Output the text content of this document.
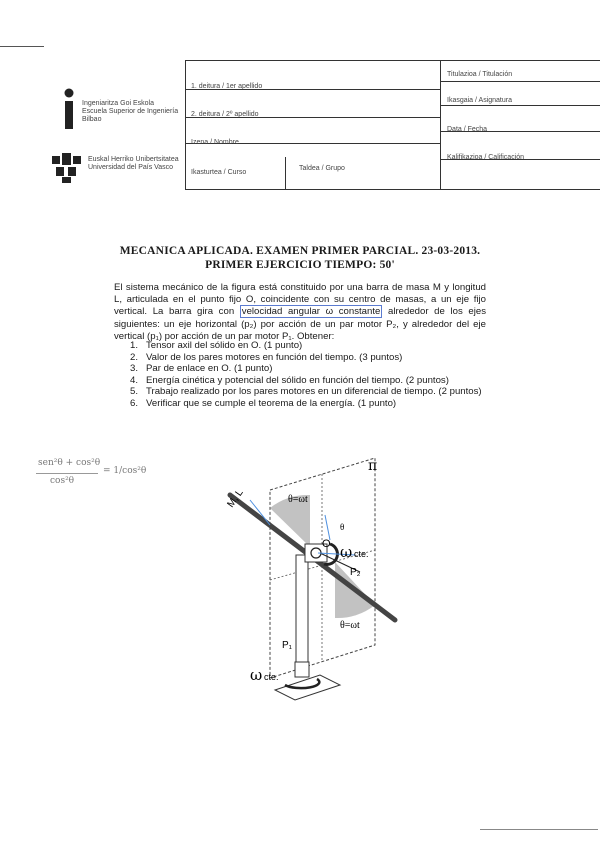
Ingeniaritza Goi Eskola
Escuela Superior de Ingeniería
Bilbao
Euskal Herriko Unibertsitatea
Universidad del País Vasco
1. deitura / 1er apellido
2. deitura / 2º apellido
Izena / Nombre
Ikasturtea / Curso
Taldea / Grupo
Titulazioa / Titulación
Ikasgaia / Asignatura
Data / Fecha
Kalifikazioa / Calificación
MECANICA APLICADA. EXAMEN PRIMER PARCIAL. 23-03-2013.
PRIMER EJERCICIO TIEMPO: 50'
El sistema mecánico de la figura está constituido por una barra de masa M y longitud L, articulada en el punto fijo O, coincidente con su centro de masas, a un eje fijo vertical. La barra gira con velocidad angular ω constante alrededor de los ejes siguientes: un eje horizontal (p₂) por acción de un par motor P₂, y alrededor del eje vertical (p₁) por acción de un par motor P₁. Obtener:
1. Tensor axil del sólido en O. (1 punto)
2. Valor de los pares motores en función del tiempo. (3 puntos)
3. Par de enlace en O. (1 punto)
4. Energía cinética y potencial del sólido en función del tiempo. (2 puntos)
5. Trabajo realizado por los pares motores en un diferencial de tiempo. (2 puntos)
6. Verificar que se cumple el teorema de la energía. (1 punto)
sen²θ + cos²θ
cos²θ
= 1/cos²θ	π
M, L	θ=ωt
θ
O ω cte.
P₂
P₁
θ=ωt
ω cte.
